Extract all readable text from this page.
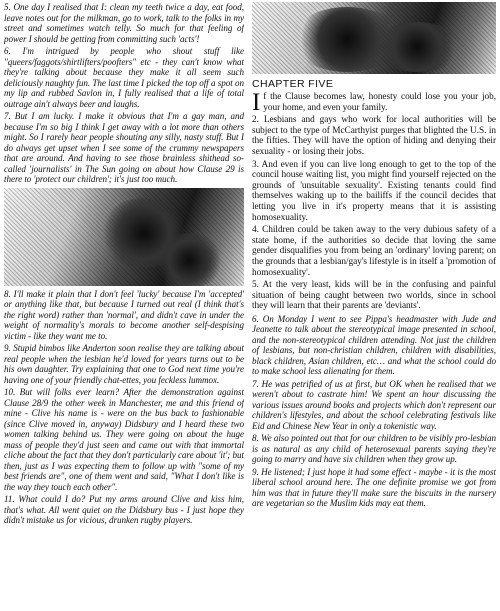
5. One day I realised that I: clean my teeth twice a day, eat food, leave notes out for the milkman, go to work, talk to the folks in my street and sometimes watch telly. So much for that feeling of power I should be getting from committing such 'acts'!

6. I'm intrigued by people who shout stuff like "queers/faggots/shirtlifters/poofters" etc - they can't know what they're talking about because they make it all seem such deliciously naughty fun. The last time I picked the top off a spot on my lip and rubbed Savlon in, I fully realised that a life of total outrage ain't always beer and laughs.

7. But I am lucky. I make it obvious that I'm a gay man, and because I'm so big I think I get away with a lot more than others might. So I rarely hear people shouting any silly, nasty stuff. But I do always get upset when I see some of the crummy newspapers that are around. And having to see those brainless shithead so-called 'journalists' in The Sun going on about how Clause 29 is there to 'protect our children'; it's just too much.

8. I'll make it plain that I don't feel 'lucky' because I'm 'accepted' or anything like that, but because I turned out real (I think that's the right word) rather than 'normal', and didn't cave in under the weight of normality's morals to become another self-despising victim - like they want me to.

9. Stupid bimbos like Anderton soon realise they are talking about real people when the lesbian he'd loved for years turns out to be his own daughter. Try explaining that one to God next time you're having one of your friendly chat-ettes, you feckless lummox.

10. But will folks ever learn? After the demonstration against Clause 28/9 the other week in Manchester, me and this friend of mine - Clive his name is - were on the bus back to fashionable (since Clive moved in, anyway) Didsbury and I heard these two women talking behind us. They were going on about the huge mass of people they'd just seen and came out with that immortal cliche about the fact that they don't particularly care about 'it'; but then, just as I was expecting them to follow up with "some of my best friends are", one of them went and said, "What I don't like is the way they touch each other".

11. What could I do? Put my arms around Clive and kiss him, that's what. All went quiet on the Didsbury bus - I just hope they didn't mistake us for vicious, drunken rugby players.

CHAPTER FIVE

If the Clause becomes law, honesty could lose you your job, your home, and even your family.

2. Lesbians and gays who work for local authorities will be subject to the type of McCarthyist purges that blighted the U.S. in the fifties. They will have the option of hiding and denying their sexuality - or losing their jobs.

3. And even if you can live long enough to get to the top of the council house waiting list, you might find yourself rejected on the grounds of 'unsuitable sexuality'. Existing tenants could find themselves waking up to the bailiffs if the council decides that letting you live in it's property means that it is assisting homosexuality.

4. Children could be taken away to the very dubious safety of a state home, if the authorities so decide that loving the same gender disqualifies you from being an 'ordinary' loving parent; on the grounds that a lesbian/gay's lifestyle is in itself a 'promotion of homosexuality'.

5. At the very least, kids will be in the confusing and painful situation of being caught between two worlds, since in school they will learn that their parents are 'deviants'.

6. On Monday I went to see Pippa's headmaster with Jude and Jeanette to talk about the stereotypical image presented in school, and the non-stereotypical children attending. Not just the children of lesbians, but non-christian children, children with disabilities, black children, Asian children, etc… and what the school could do to make school less alienating for them.

7. He was petrified of us at first, but OK when he realised that we weren't about to castrate him! We spent an hour discussing the various issues around books and projects which don't represent our children's lifestyles, and about the school celebrating festivals like Eid and Chinese New Year in only a tokenistic way.

8. We also pointed out that for our children to be visibly pro-lesbian is as natural as any child of heterosexual parents saying they're going to marry and have six children when they grow up.

9. He listened; I just hope it had some effect - maybe - it is the most liberal school around here. The one definite promise we got from him was that in future they'll make sure the biscuits in the nursery are vegetarian so the Muslim kids may eat them.
